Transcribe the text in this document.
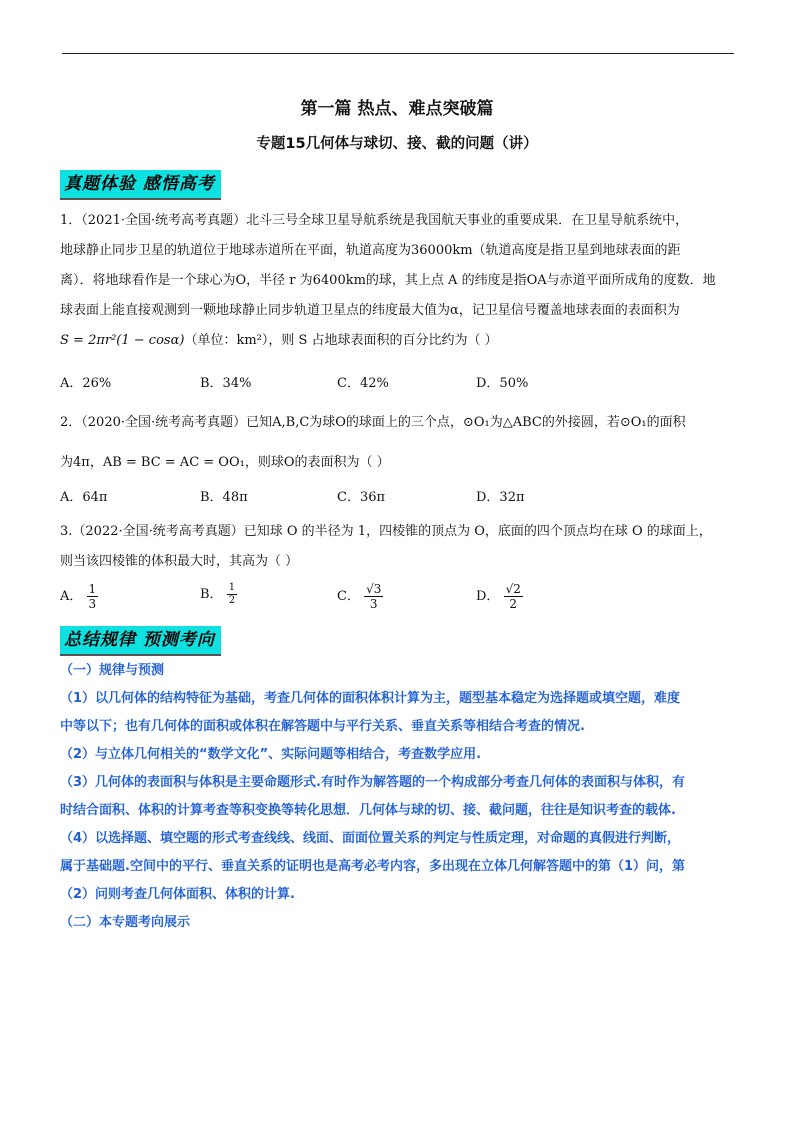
第一篇 热点、难点突破篇
专题15几何体与球切、接、截的问题（讲）
真题体验 感悟高考

1．（2021·全国·统考高考真题）北斗三号全球卫星导航系统是我国航天事业的重要成果．在卫星导航系统中，

地球静止同步卫星的轨道位于地球赤道所在平面，轨道高度为36000km（轨道高度是指卫星到地球表面的距

离）．将地球看作是一个球心为O，半径 r 为6400km的球，其上点 A 的纬度是指OA与赤道平面所成角的度数．地

球表面上能直接观测到一颗地球静止同步轨道卫星点的纬度最大值为α，记卫星信号覆盖地球表面的表面积为

S = 2πr²(1 − cosα)（单位：km²），则 S 占地球表面积的百分比约为（ ）

A．26%	B．34%	C．42%	D．50%

2．（2020·全国·统考高考真题）已知A,B,C为球O的球面上的三个点，⊙O₁为△ABC的外接圆，若⊙O₁的面积

为4π，AB = BC = AC = OO₁，则球O的表面积为（ ）

A．64π	B．48π	C．36π	D．32π

3.（2022·全国·统考高考真题）已知球 O 的半径为 1，四棱锥的顶点为 O，底面的四个顶点均在球 O 的球面上，

则当该四棱锥的体积最大时，其高为（ ）

A． $\frac{1}{3}$	B． $\frac{1}{2}$	C． $\frac{√3}{3}$	D． $\frac{√2}{2}$
总结规律 预测考向

（一）规律与预测

（1）以几何体的结构特征为基础，考查几何体的面积体积计算为主，题型基本稳定为选择题或填空题，难度

中等以下；也有几何体的面积或体积在解答题中与平行关系、垂直关系等相结合考查的情况.

（2）与立体几何相关的“数学文化”、实际问题等相结合，考查数学应用.

（3）几何体的表面积与体积是主要命题形式.有时作为解答题的一个构成部分考查几何体的表面积与体积，有

时结合面积、体积的计算考查等积变换等转化思想．几何体与球的切、接、截问题，往往是知识考查的载体.

（4）以选择题、填空题的形式考查线线、线面、面面位置关系的判定与性质定理，对命题的真假进行判断，

属于基础题.空间中的平行、垂直关系的证明也是高考必考内容，多出现在立体几何解答题中的第（1）问，第

（2）问则考查几何体面积、体积的计算.

（二）本专题考向展示
